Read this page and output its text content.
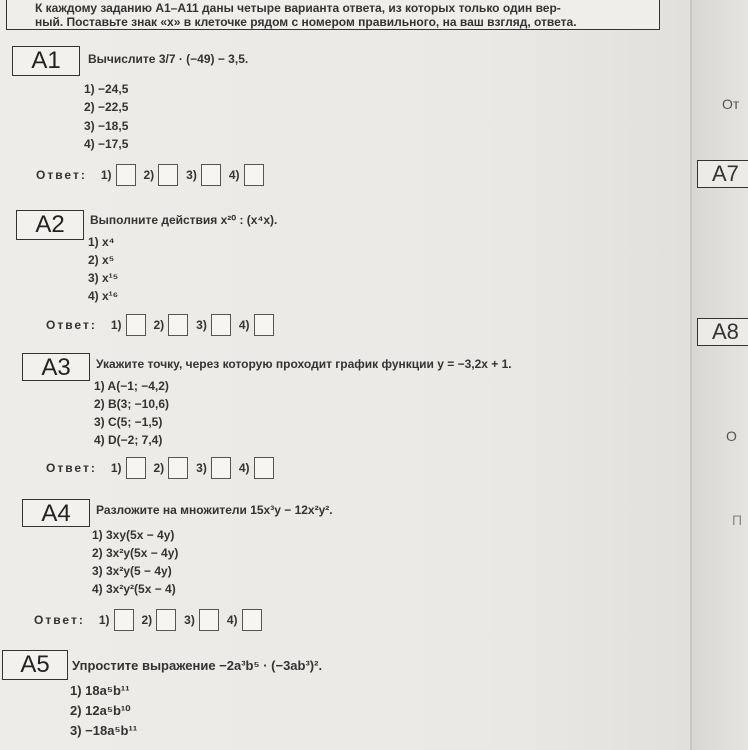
К каждому заданию А1–А11 даны четыре варианта ответа, из которых только один вер-
ный. Поставьте знак «х» в клеточке рядом с номером правильного, на ваш взгляд, ответа.
A1	Вычислите 3/7 · (−49) − 3,5.
1) −24,5
2) −22,5
3) −18,5
4) −17,5
Ответ: 1)	2)	3)	4)
A2	Выполните действия x²⁰ : (x⁴x).
1) x⁴
2) x⁵
3) x¹⁵
4) x¹⁶
Ответ: 1)	2)	3)	4)
A3	Укажите точку, через которую проходит график функции y = −3,2x + 1.
1) A(−1; −4,2)
2) B(3; −10,6)
3) C(5; −1,5)
4) D(−2; 7,4)
Ответ: 1)	2)	3)	4)
A4	Разложите на множители 15x³y − 12x²y².
1) 3xy(5x − 4y)
2) 3x²y(5x − 4y)
3) 3x²y(5 − 4y)
4) 3x²y²(5x − 4)
Ответ: 1)	2)	3)	4)
A5	Упростите выражение −2a³b⁵ · (−3ab³)².
1) 18a⁵b¹¹
2) 12a⁵b¹⁰
3) −18a⁵b¹¹
От
А7
А8
О
П
